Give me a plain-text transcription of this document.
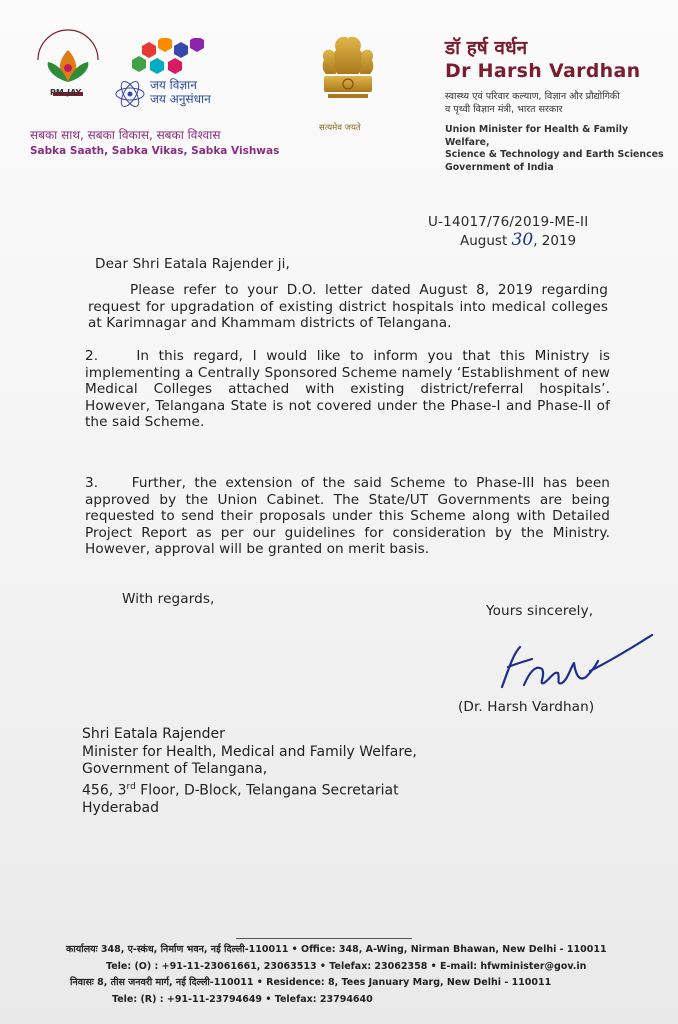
PM-JAY
जय विज्ञान
जय अनुसंधान
सबका साथ, सबका विकास, सबका विश्वास
Sabka Saath, Sabka Vikas, Sabka Vishwas
सत्यमेव जयते
डॉ हर्ष वर्धन
Dr Harsh Vardhan
स्वास्थ्य एवं परिवार कल्याण, विज्ञान और प्रौद्योगिकी
व पृथ्वी विज्ञान मंत्री, भारत सरकार
Union Minister for Health & Family Welfare,
Science & Technology and Earth Sciences
Government of India
U-14017/76/2019-ME-II
August 30, 2019
Dear Shri Eatala Rajender ji,
Please refer to your D.O. letter dated August 8, 2019 regarding request for upgradation of existing district hospitals into medical colleges at Karimnagar and Khammam districts of Telangana.
2.    In this regard, I would like to inform you that this Ministry is implementing a Centrally Sponsored Scheme namely ‘Establishment of new Medical Colleges attached with existing district/referral hospitals’. However, Telangana State is not covered under the Phase-I and Phase-II of the said Scheme.
3.    Further, the extension of the said Scheme to Phase-III has been approved by the Union Cabinet. The State/UT Governments are being requested to send their proposals under this Scheme along with Detailed Project Report as per our guidelines for consideration by the Ministry. However, approval will be granted on merit basis.
With regards,
Yours sincerely,
(Dr. Harsh Vardhan)
Shri Eatala Rajender
Minister for Health, Medical and Family Welfare,
Government of Telangana,
456, 3rd Floor, D-Block, Telangana Secretariat
Hyderabad
कार्यालयः 348, ए-स्कंध, निर्माण भवन, नई दिल्ली-110011 • Office: 348, A-Wing, Nirman Bhawan, New Delhi - 110011
Tele: (O) : +91-11-23061661, 23063513 • Telefax: 23062358 • E-mail: hfwminister@gov.in
निवासः 8, तीस जनवरी मार्ग, नई दिल्ली-110011 • Residence: 8, Tees January Marg, New Delhi - 110011
Tele: (R) : +91-11-23794649 • Telefax: 23794640
